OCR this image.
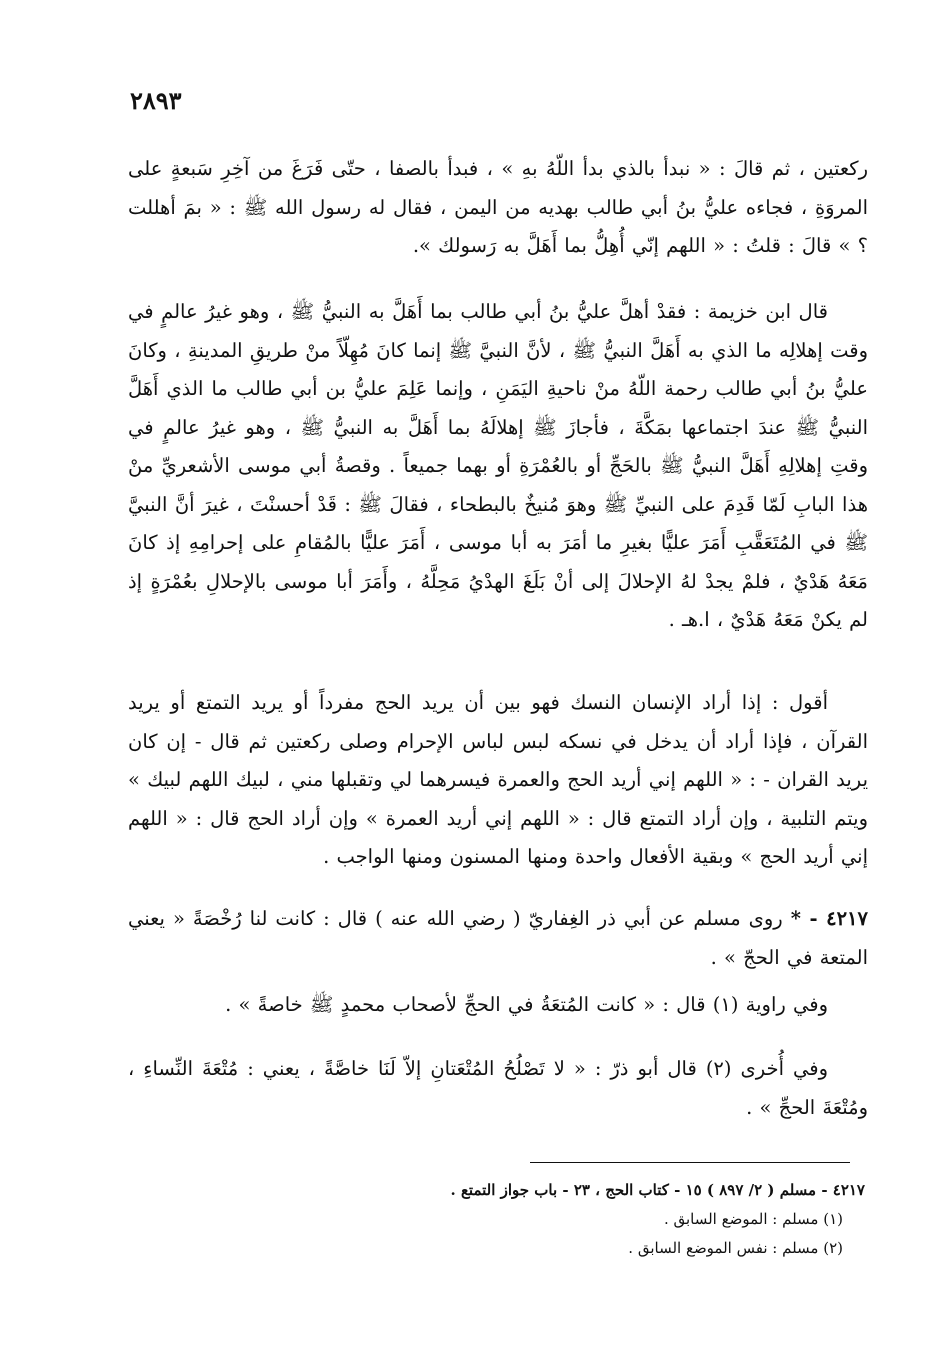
٢٨٩٣

ركعتين ، ثم قالَ : « نبدأ بالذي بدأ اللّهُ بهِ » ، فبدأ بالصفا ، حتّى فَرَغَ من آخِرِ سَبعةٍ على المروَةِ ، فجاءه عليُّ بنُ أبي طالب بهديه من اليمن ، فقال له رسول الله ﷺ : « بمَ أهللت ؟ » قالَ : قلتُ : « اللهم إنّي أُهِلُّ بما أَهَلَّ به رَسولك ».

قال ابن خزيمة : فقدْ أهلَّ عليُّ بنُ أبي طالب بما أَهَلَّ به النبيُّ ﷺ ، وهو غيرُ عالمٍ في وقت إهلالِه ما الذي به أَهَلَّ النبيُّ ﷺ ، لأنَّ النبيَّ ﷺ إنما كانَ مُهِلّاً منْ طريقِ المدينةِ ، وكانَ عليُّ بنُ أبي طالب رحمة اللّهُ منْ ناحيةِ اليَمَنِ ، وإنما عَلِمَ عليُّ بن أبي طالب ما الذي أَهَلَّ النبيُّ ﷺ عندَ اجتماعها بمَكَّةَ ، فأجازَ ﷺ إهلالَهُ بما أَهَلَّ به النبيُّ ﷺ ، وهو غيرُ عالمٍ في وقتِ إهلالِهِ أَهَلَّ النبيُّ ﷺ بالحَجِّ أو بالعُمْرَةِ أو بهما جميعاً . وقصةُ أبي موسى الأشعريِّ منْ هذا البابِ لَمّا قَدِمَ على النبيِّ ﷺ وهوَ مُنيخٌ بالبطحاء ، فقالَ ﷺ : قَدْ أحسنْتَ ، غيرَ أنَّ النبيَّ ﷺ في المُتَعَقَّبِ أَمَرَ عليًّا بغيرِ ما أمَرَ به أبا موسى ، أَمَرَ عليًّا بالمُقامِ على إحرامِهِ إذ كانَ مَعَهُ هَدْيٌ ، فلمْ يجدْ لهُ الإحلالَ إلى أنْ بَلَغَ الهدْيُ مَحِلَّهُ ، وأَمَرَ أبا موسى بالإحلالِ بعُمْرَةٍ إذ لم يكنْ مَعَهُ هَدْيٌ ، ا.هـ .

أقول : إذا أراد الإنسان النسك فهو بين أن يريد الحج مفرداً أو يريد التمتع أو يريد القرآن ، فإذا أراد أن يدخل في نسكه لبس لباس الإحرام وصلى ركعتين ثم قال - إن كان يريد القران - : « اللهم إني أريد الحج والعمرة فيسرهما لي وتقبلها مني ، لبيك اللهم لبيك » ويتم التلبية ، وإن أراد التمتع قال : « اللهم إني أريد العمرة » وإن أراد الحج قال : « اللهم إني أريد الحج » وبقية الأفعال واحدة ومنها المسنون ومنها الواجب .

٤٢١٧ - * روى مسلم عن أبي ذر الغِفاريّ ( رضي الله عنه ) قال : كانت لنا رُخْصَةً « يعني المتعة في الحجّ » .

وفي راوية (١) قال : « كانت المُتعَةُ في الحجِّ لأصحاب محمدٍ ﷺ خاصةً » .

وفي أُخرى (٢) قال أبو ذرّ : « لا تَصْلُحُ المُتْعَتانِ إلاّ لَنَا خاصَّةً ، يعني : مُتْعَةَ النِّساءِ ، ومُتْعَةَ الحجِّ » .

٤٢١٧ - مسلم ( ٢/ ٨٩٧ ) ١٥ - كتاب الحج ، ٢٣ - باب جواز التمتع .

(١) مسلم : الموضع السابق .

(٢) مسلم : نفس الموضع السابق .
